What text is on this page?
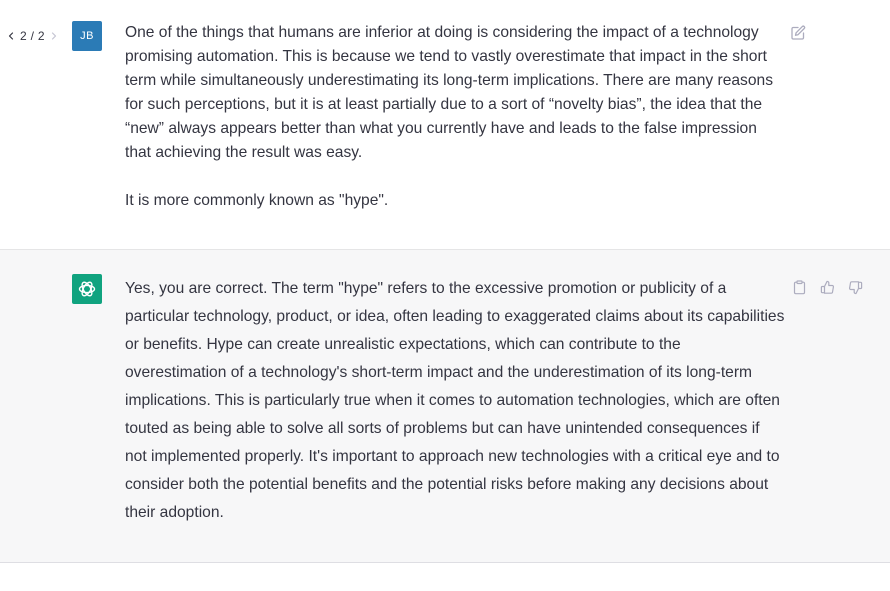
2 / 2	JB One of the things that humans are inferior at doing is considering the impact of a technology promising automation. This is because we tend to vastly overestimate that impact in the short term while simultaneously underestimating its long-term implications. There are many reasons for such perceptions, but it is at least partially due to a sort of “novelty bias”, the idea that the “new” always appears better than what you currently have and leads to the false impression that achieving the result was easy.

It is more commonly known as "hype".

Yes, you are correct. The term "hype" refers to the excessive promotion or publicity of a particular technology, product, or idea, often leading to exaggerated claims about its capabilities or benefits. Hype can create unrealistic expectations, which can contribute to the overestimation of a technology's short-term impact and the underestimation of its long-term implications. This is particularly true when it comes to automation technologies, which are often touted as being able to solve all sorts of problems but can have unintended consequences if not implemented properly. It's important to approach new technologies with a critical eye and to consider both the potential benefits and the potential risks before making any decisions about their adoption.
